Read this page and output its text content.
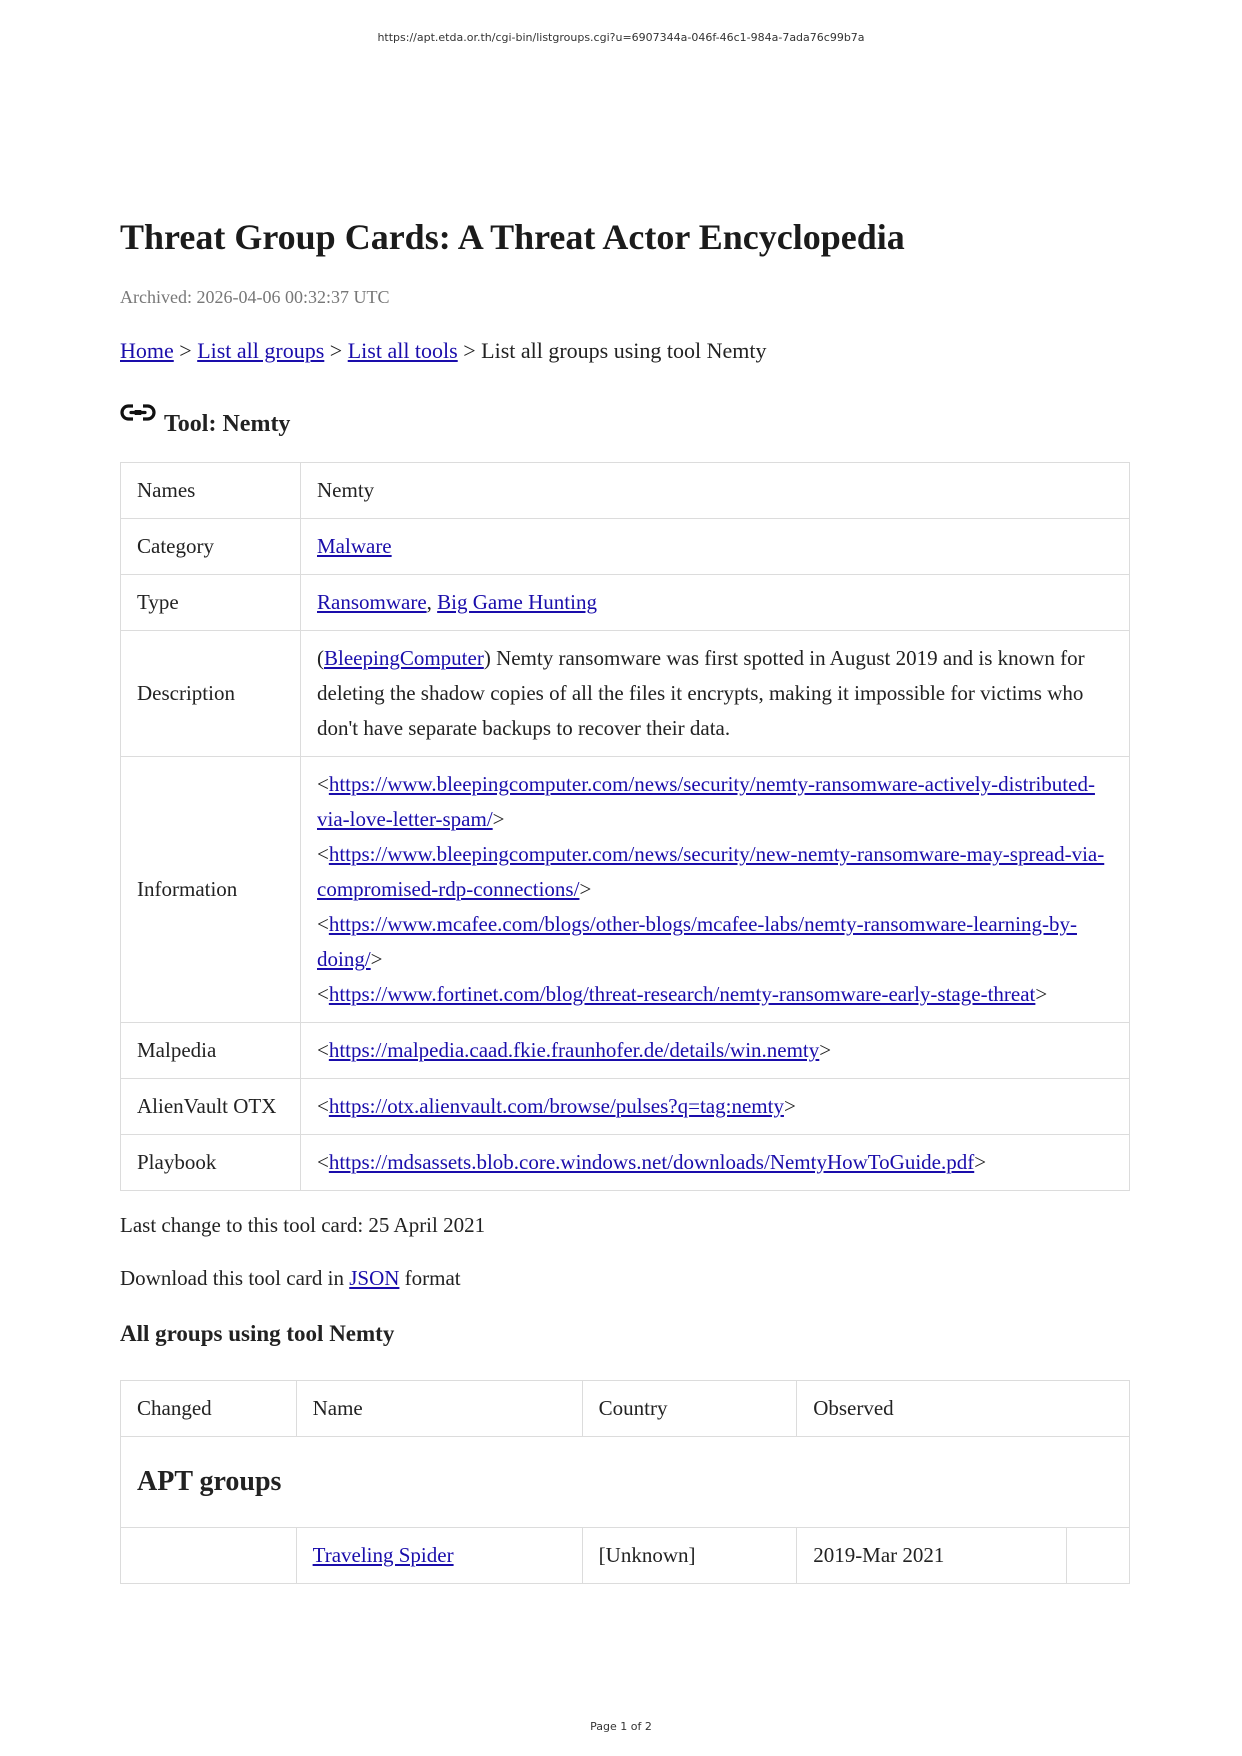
https://apt.etda.or.th/cgi-bin/listgroups.cgi?u=6907344a-046f-46c1-984a-7ada76c99b7a
Threat Group Cards: A Threat Actor Encyclopedia
Archived: 2026-04-06 00:32:37 UTC
Home > List all groups > List all tools > List all groups using tool Nemty
Tool: Nemty
Names	Nemty
Category	Malware
Type	Ransomware, Big Game Hunting
Description	(BleepingComputer) Nemty ransomware was first spotted in August 2019 and is known for deleting the shadow copies of all the files it encrypts, making it impossible for victims who don't have separate backups to recover their data.
Information	<https://www.bleepingcomputer.com/news/security/nemty-ransomware-actively-distributed-via-love-letter-spam/>
<https://www.bleepingcomputer.com/news/security/new-nemty-ransomware-may-spread-via-compromised-rdp-connections/>
<https://www.mcafee.com/blogs/other-blogs/mcafee-labs/nemty-ransomware-learning-by-doing/>
<https://www.fortinet.com/blog/threat-research/nemty-ransomware-early-stage-threat>

Malpedia	<https://malpedia.caad.fkie.fraunhofer.de/details/win.nemty>
AlienVault OTX	<https://otx.alienvault.com/browse/pulses?q=tag:nemty>
Playbook	<https://mdsassets.blob.core.windows.net/downloads/NemtyHowToGuide.pdf>
Last change to this tool card: 25 April 2021
Download this tool card in JSON format
All groups using tool Nemty
Changed	Name	Country	Observed	
APT groups				
	Traveling Spider	[Unknown]	2019-Mar 2021	
Page 1 of 2
